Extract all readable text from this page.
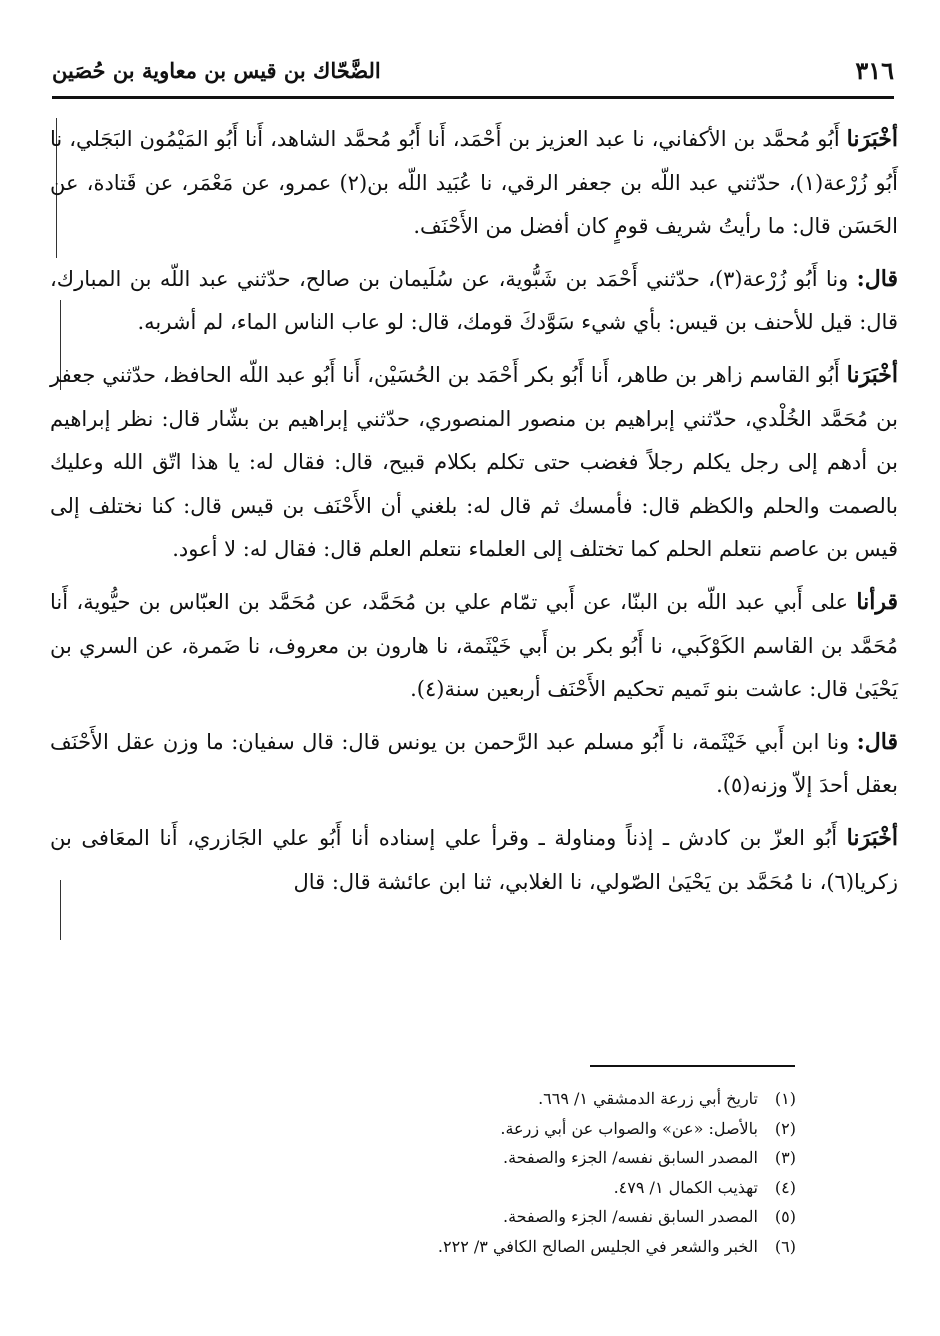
٣١٦
الضَّحّاك بن قيس بن معاوية بن حُصَين

أخْبَرَنا أَبُو مُحمَّد بن الأكفاني، نا عبد العزيز بن أَحْمَد، أَنا أَبُو مُحمَّد الشاهد، أَنا أَبُو المَيْمُون البَجَلي، نا أَبُو زُرْعة(١)، حدّثني عبد اللّه بن جعفر الرقي، نا عُبَيد اللّه بن(٢) عمرو، عن مَعْمَر، عن قَتادة، عن الحَسَن قال: ما رأيتُ شريف قومٍ كان أفضل من الأَحْنَف.

قال: ونا أَبُو زُرْعة(٣)، حدّثني أَحْمَد بن شَبُّوية، عن سُلَيمان بن صالح، حدّثني عبد اللّه بن المبارك، قال: قيل للأحنف بن قيس: بأي شيء سَوَّدكَ قومك، قال: لو عاب الناس الماء، لم أشربه.

أخْبَرَنا أَبُو القاسم زاهر بن طاهر، أَنا أَبُو بكر أَحْمَد بن الحُسَيْن، أَنا أَبُو عبد اللّه الحافظ، حدّثني جعفر بن مُحَمَّد الخُلْدي، حدّثني إبراهيم بن منصور المنصوري، حدّثني إبراهيم بن بشّار قال: نظر إبراهيم بن أدهم إلى رجل يكلم رجلاً فغضب حتى تكلم بكلام قبيح، قال: فقال له: يا هذا اتّق الله وعليك بالصمت والحلم والكظم قال: فأمسك ثم قال له: بلغني أن الأَحْنَف بن قيس قال: كنا نختلف إلى قيس بن عاصم نتعلم الحلم كما تختلف إلى العلماء نتعلم العلم قال: فقال له: لا أعود.

قرأنا على أَبي عبد اللّه بن البنّا، عن أَبي تمّام علي بن مُحَمَّد، عن مُحَمَّد بن العبّاس بن حيُّوية، أَنا مُحَمَّد بن القاسم الكَوْكَبي، نا أَبُو بكر بن أَبي خَيْثَمة، نا هارون بن معروف، نا ضَمرة، عن السري بن يَحْيَىٰ قال: عاشت بنو تَميم تحكيم الأَحْنَف أربعين سنة(٤).

قال: ونا ابن أَبي خَيْثَمة، نا أَبُو مسلم عبد الرَّحمن بن يونس قال: قال سفيان: ما وزن عقل الأَحْنَف بعقل أحدَ إلاّ وزنه(٥).

أخْبَرَنا أَبُو العزّ بن كادش ـ إذناً ومناولة ـ وقرأ علي إسناده أنا أَبُو علي الجَازري، أَنا المعَافى بن زكريا(٦)، نا مُحَمَّد بن يَحْيَىٰ الصّولي، نا الغلابي، ثنا ابن عائشة قال: قال

(١)تاريخ أبي زرعة الدمشقي ١/ ٦٦٩.
(٢)بالأصل: «عن» والصواب عن أبي زرعة.
(٣)المصدر السابق نفسه/ الجزء والصفحة.
(٤)تهذيب الكمال ١/ ٤٧٩.
(٥)المصدر السابق نفسه/ الجزء والصفحة.
(٦)الخبر والشعر في الجليس الصالح الكافي ٣/ ٢٢٢.
